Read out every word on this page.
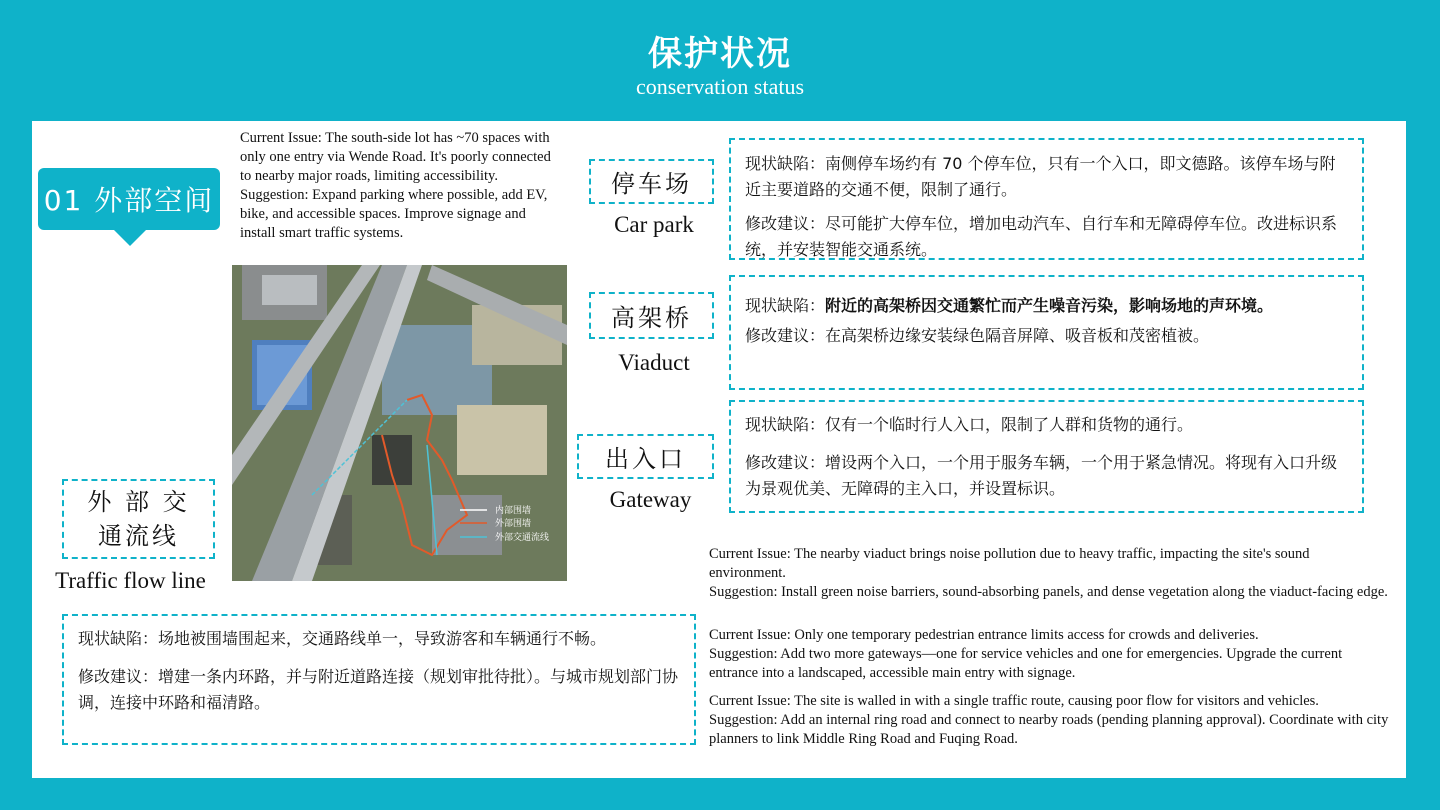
保护状况
conservation status
01 外部空间

Current Issue: The south-side lot has ~70 spaces with only one entry via Wende Road. It's poorly connected to nearby major roads, limiting accessibility.

Suggestion: Expand parking where possible, add EV, bike, and accessible spaces. Improve signage and install smart traffic systems.

内部围墙
外部围墙
外部交通流线
停车场
Car park

现状缺陷：南侧停车场约有 70 个停车位，只有一个入口，即文德路。该停车场与附近主要道路的交通不便，限制了通行。

修改建议：尽可能扩大停车位，增加电动汽车、自行车和无障碍停车位。改进标识系统，并安装智能交通系统。

高架桥
Viaduct

现状缺陷：附近的高架桥因交通繁忙而产生噪音污染，影响场地的声环境。

修改建议：在高架桥边缘安装绿色隔音屏障、吸音板和茂密植被。

出入口
Gateway

现状缺陷：仅有一个临时行人入口，限制了人群和货物的通行。

修改建议：增设两个入口，一个用于服务车辆，一个用于紧急情况。将现有入口升级为景观优美、无障碍的主入口，并设置标识。

外 部 交
通流线
Traffic flow line

现状缺陷：场地被围墙围起来，交通路线单一，导致游客和车辆通行不畅。

修改建议：增建一条内环路，并与附近道路连接（规划审批待批）。与城市规划部门协调，连接中环路和福清路。

Current Issue: The nearby viaduct brings noise pollution due to heavy traffic, impacting the site's sound environment.

Suggestion: Install green noise barriers, sound-absorbing panels, and dense vegetation along the viaduct-facing edge.

Current Issue: Only one temporary pedestrian entrance limits access for crowds and deliveries.

Suggestion: Add two more gateways—one for service vehicles and one for emergencies. Upgrade the current entrance into a landscaped, accessible main entry with signage.

Current Issue: The site is walled in with a single traffic route, causing poor flow for visitors and vehicles.

Suggestion: Add an internal ring road and connect to nearby roads (pending planning approval). Coordinate with city planners to link Middle Ring Road and Fuqing Road.
